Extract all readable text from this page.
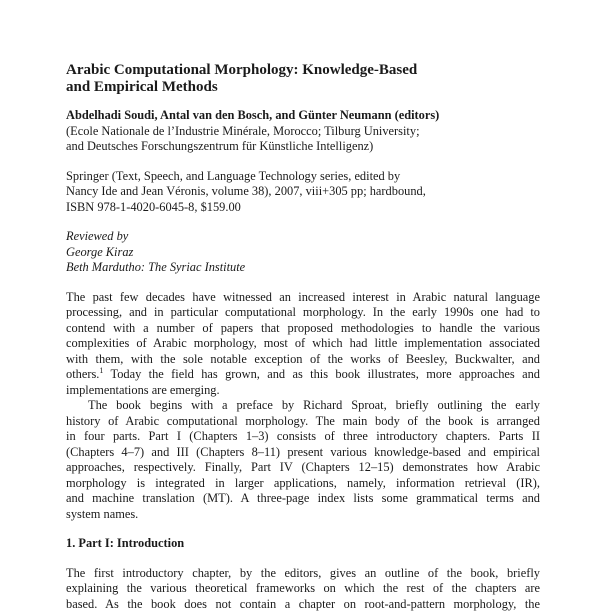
Arabic Computational Morphology: Knowledge-Based
and Empirical Methods
Abdelhadi Soudi, Antal van den Bosch, and Günter Neumann (editors)
(Ecole Nationale de l’Industrie Minérale, Morocco; Tilburg University;
and Deutsches Forschungszentrum für Künstliche Intelligenz)
Springer (Text, Speech, and Language Technology series, edited by
Nancy Ide and Jean Véronis, volume 38), 2007, viii+305 pp; hardbound,
ISBN 978-1-4020-6045-8, $159.00
Reviewed by
George Kiraz
Beth Mardutho: The Syriac Institute

The past few decades have witnessed an increased interest in Arabic natural language
processing, and in particular computational morphology. In the early 1990s one had to
contend with a number of papers that proposed methodologies to handle the various
complexities of Arabic morphology, most of which had little implementation associated
with them, with the sole notable exception of the works of Beesley, Buckwalter, and
others.$^1$ Today the field has grown, and as this book illustrates, more approaches and
implementations are emerging.

The book begins with a preface by Richard Sproat, briefly outlining the early
history of Arabic computational morphology. The main body of the book is arranged
in four parts. Part I (Chapters 1–3) consists of three introductory chapters. Parts II
(Chapters 4–7) and III (Chapters 8–11) present various knowledge-based and empirical
approaches, respectively. Finally, Part IV (Chapters 12–15) demonstrates how Arabic
morphology is integrated in larger applications, namely, information retrieval (IR),
and machine translation (MT). A three-page index lists some grammatical terms and
system names.

1. Part I: Introduction
The first introductory chapter, by the editors, gives an outline of the book, briefly
explaining the various theoretical frameworks on which the rest of the chapters are
based. As the book does not contain a chapter on root-and-pattern morphology, the
